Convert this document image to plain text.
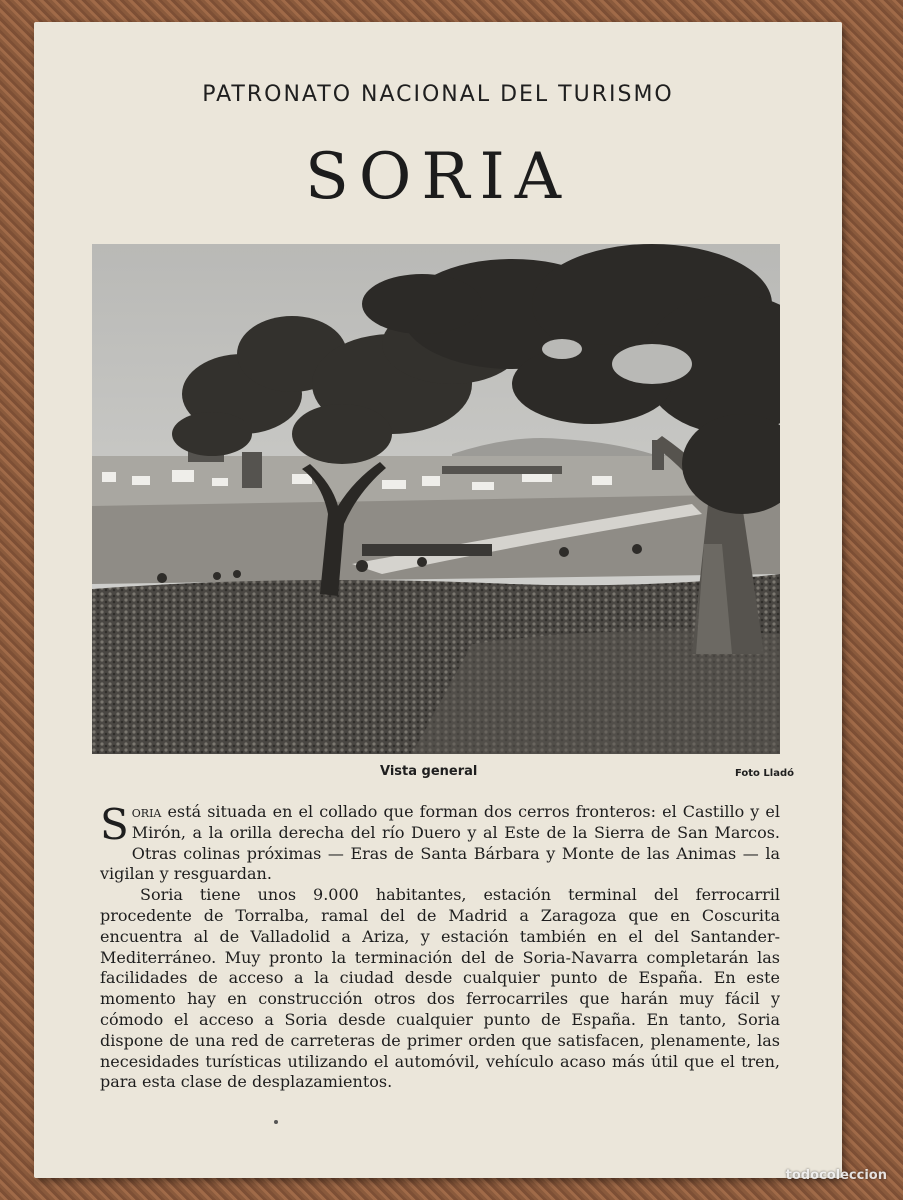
PATRONATO NACIONAL DEL TURISMO
SORIA
Vista general	Foto Lladó

Soria está situada en el collado que forman dos cerros fronteros: el Castillo y el Mirón, a la orilla derecha del río Duero y al Este de la Sierra de San Marcos. Otras colinas próximas — Eras de Santa Bárbara y Monte de las Animas — la vigilan y resguardan.

Soria tiene unos 9.000 habitantes, estación terminal del ferrocarril procedente de Torralba, ramal del de Madrid a Zaragoza que en Coscurita encuentra al de Valladolid a Ariza, y estación también en el del Santander-Mediterráneo. Muy pronto la terminación del de Soria-Navarra completarán las facilidades de acceso a la ciudad desde cualquier punto de España. En este momento hay en construcción otros dos ferrocarriles que harán muy fácil y cómodo el acceso a Soria desde cualquier punto de España. En tanto, Soria dispone de una red de carreteras de primer orden que satisfacen, plenamente, las necesidades turísticas utilizando el automóvil, vehículo acaso más útil que el tren, para esta clase de desplazamientos.

todocoleccion
